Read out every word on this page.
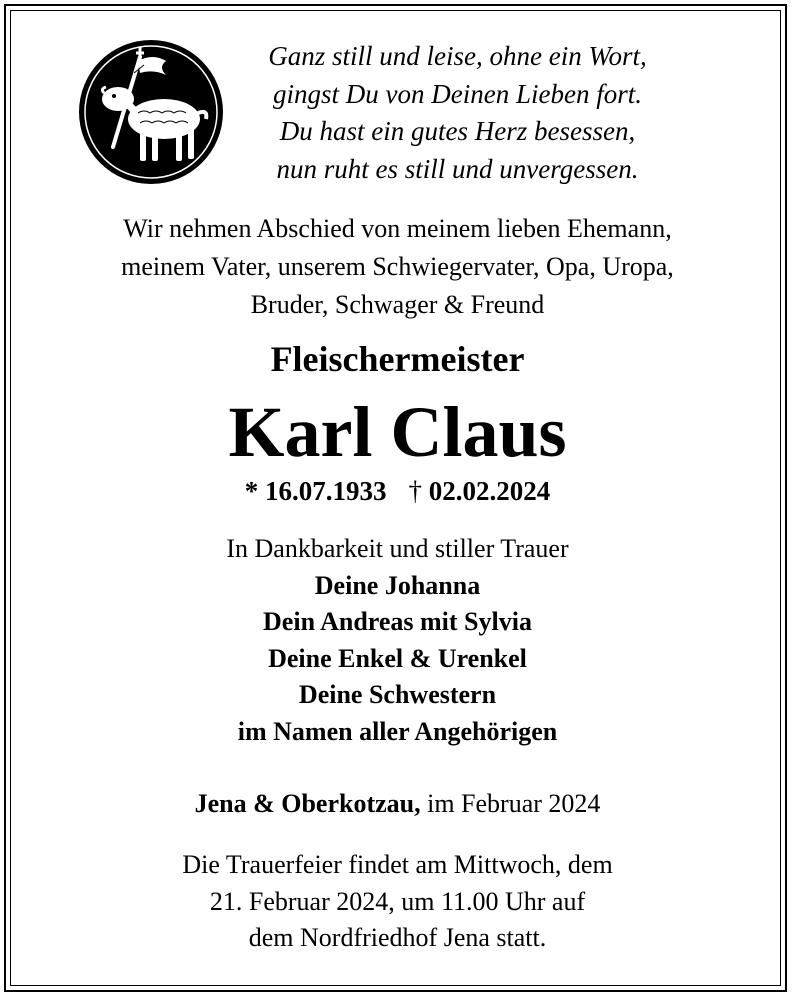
Ganz still und leise, ohne ein Wort,
gingst Du von Deinen Lieben fort.
Du hast ein gutes Herz besessen,
nun ruht es still und unvergessen.
Wir nehmen Abschied von meinem lieben Ehemann,
meinem Vater, unserem Schwiegervater, Opa, Uropa,
Bruder, Schwager & Freund
Fleischermeister
Karl Claus
* 16.07.1933 † 02.02.2024
In Dankbarkeit und stiller Trauer
Deine Johanna
Dein Andreas mit Sylvia
Deine Enkel & Urenkel
Deine Schwestern
im Namen aller Angehörigen
Jena & Oberkotzau, im Februar 2024
Die Trauerfeier findet am Mittwoch, dem
21. Februar 2024, um 11.00 Uhr auf
dem Nordfriedhof Jena statt.
